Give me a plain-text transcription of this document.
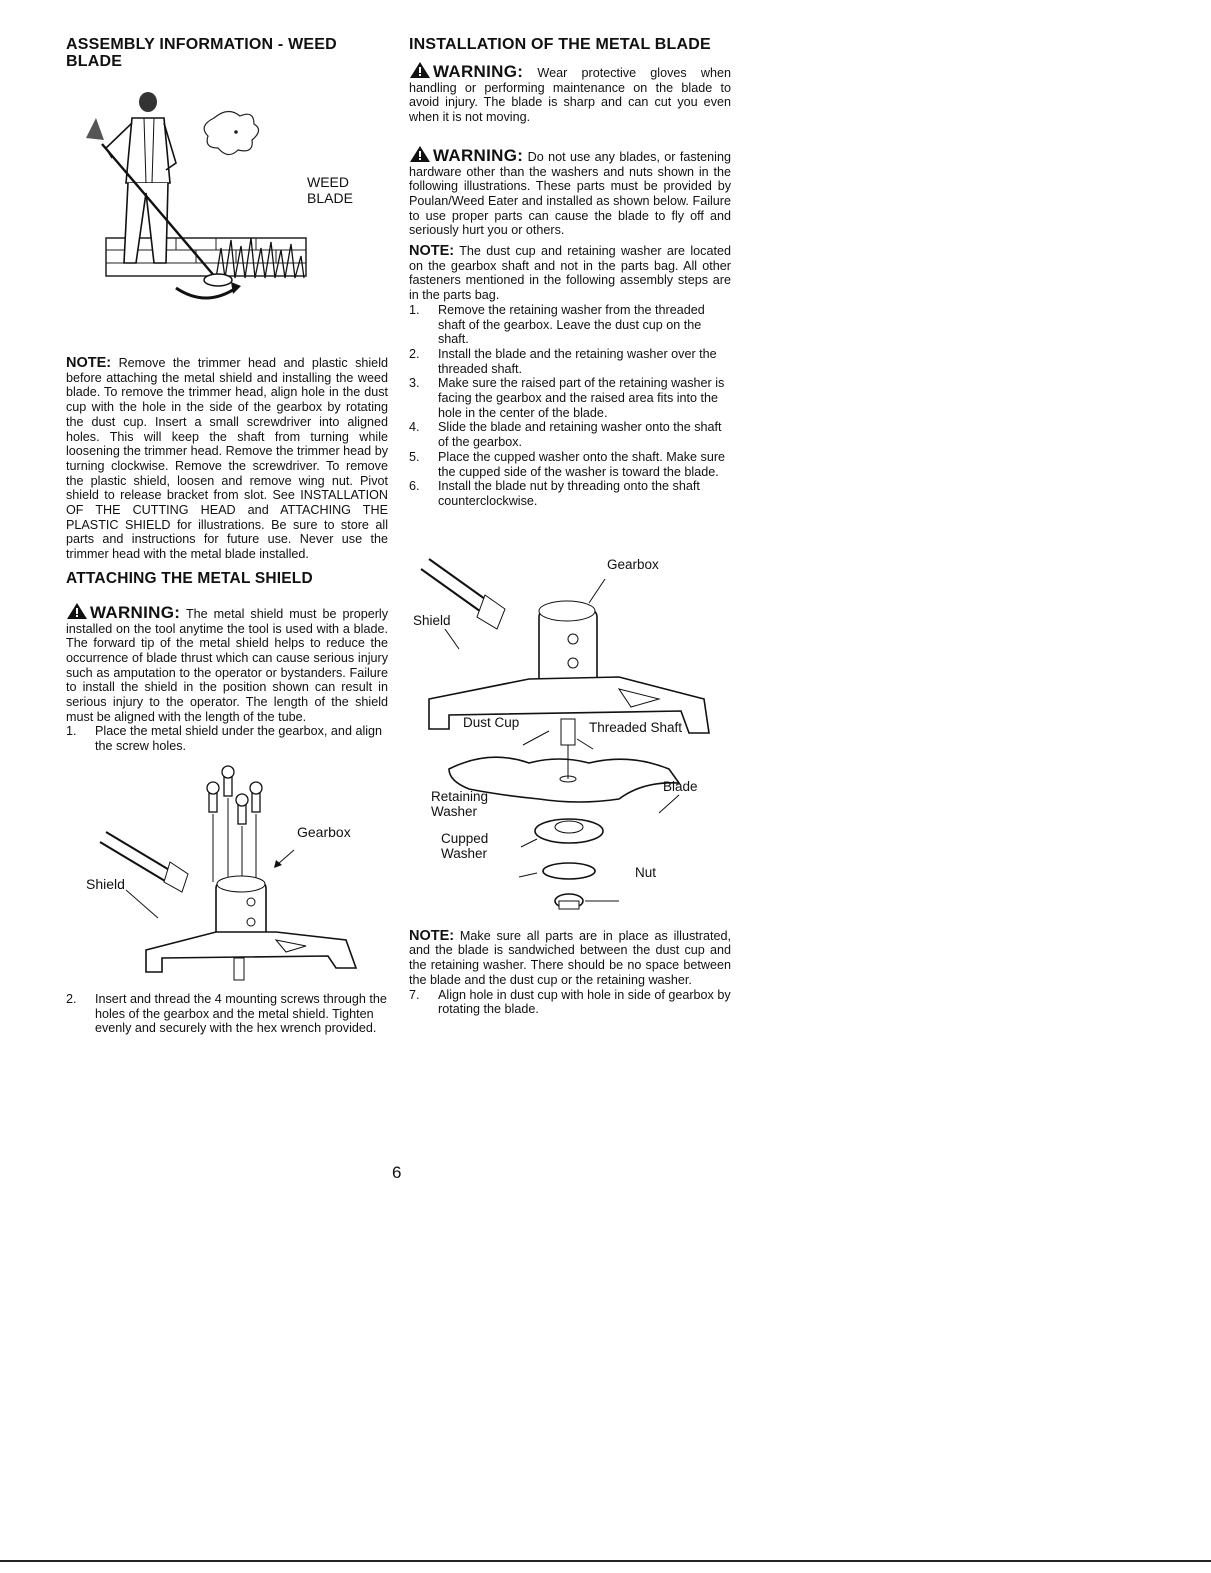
ASSEMBLY INFORMATION - WEED BLADE
WEED
BLADE

NOTE: Remove the trimmer head and plastic shield before attaching the metal shield and installing the weed blade. To remove the trimmer head, align hole in the dust cup with the hole in the side of the gearbox by rotating the dust cup. Insert a small screwdriver into aligned holes. This will keep the shaft from turning while loosening the trimmer head. Remove the trimmer head by turning clockwise. Remove the screwdriver. To remove the plastic shield, loosen and remove wing nut. Pivot shield to release bracket from slot. See INSTALLATION OF THE CUTTING HEAD and ATTACHING THE PLASTIC SHIELD for illustrations. Be sure to store all parts and instructions for future use. Never use the trimmer head with the metal blade installed.

ATTACHING THE METAL SHIELD

WARNING: The metal shield must be properly installed on the tool anytime the tool is used with a blade. The forward tip of the metal shield helps to reduce the occurrence of blade thrust which can cause serious injury such as amputation to the operator or bystanders. Failure to install the shield in the position shown can result in serious injury to the operator. The length of the shield must be aligned with the length of the tube.

1.	Place the metal shield under the gearbox, and align the screw holes.
Gearbox
Shield
2.	Insert and thread the 4 mounting screws through the holes of the gearbox and the metal shield. Tighten evenly and securely with the hex wrench provided.
INSTALLATION OF THE METAL BLADE

WARNING: Wear protective gloves when handling or performing maintenance on the blade to avoid injury. The blade is sharp and can cut you even when it is not moving.

WARNING: Do not use any blades, or fastening hardware other than the washers and nuts shown in the following illustrations. These parts must be provided by Poulan/Weed Eater and installed as shown below. Failure to use proper parts can cause the blade to fly off and seriously hurt you or others.

NOTE: The dust cup and retaining washer are located on the gearbox shaft and not in the parts bag. All other fasteners mentioned in the following assembly steps are in the parts bag.

1.	Remove the retaining washer from the threaded shaft of the gearbox. Leave the dust cup on the shaft.
2.	Install the blade and the retaining washer over the threaded shaft.
3.	Make sure the raised part of the retaining washer is facing the gearbox and the raised area fits into the hole in the center of the blade.
4.	Slide the blade and retaining washer onto the shaft of the gearbox.
5.	Place the cupped washer onto the shaft. Make sure the cupped side of the washer is toward the blade.
6.	Install the blade nut by threading onto the shaft counterclockwise.
Gearbox
Shield
Dust Cup	Threaded Shaft
Blade
Retaining
Washer
Cupped
Washer
Nut

NOTE: Make sure all parts are in place as illustrated, and the blade is sandwiched between the dust cup and the retaining washer. There should be no space between the blade and the dust cup or the retaining washer.

7.	Align hole in dust cup with hole in side of gearbox by rotating the blade.
6
